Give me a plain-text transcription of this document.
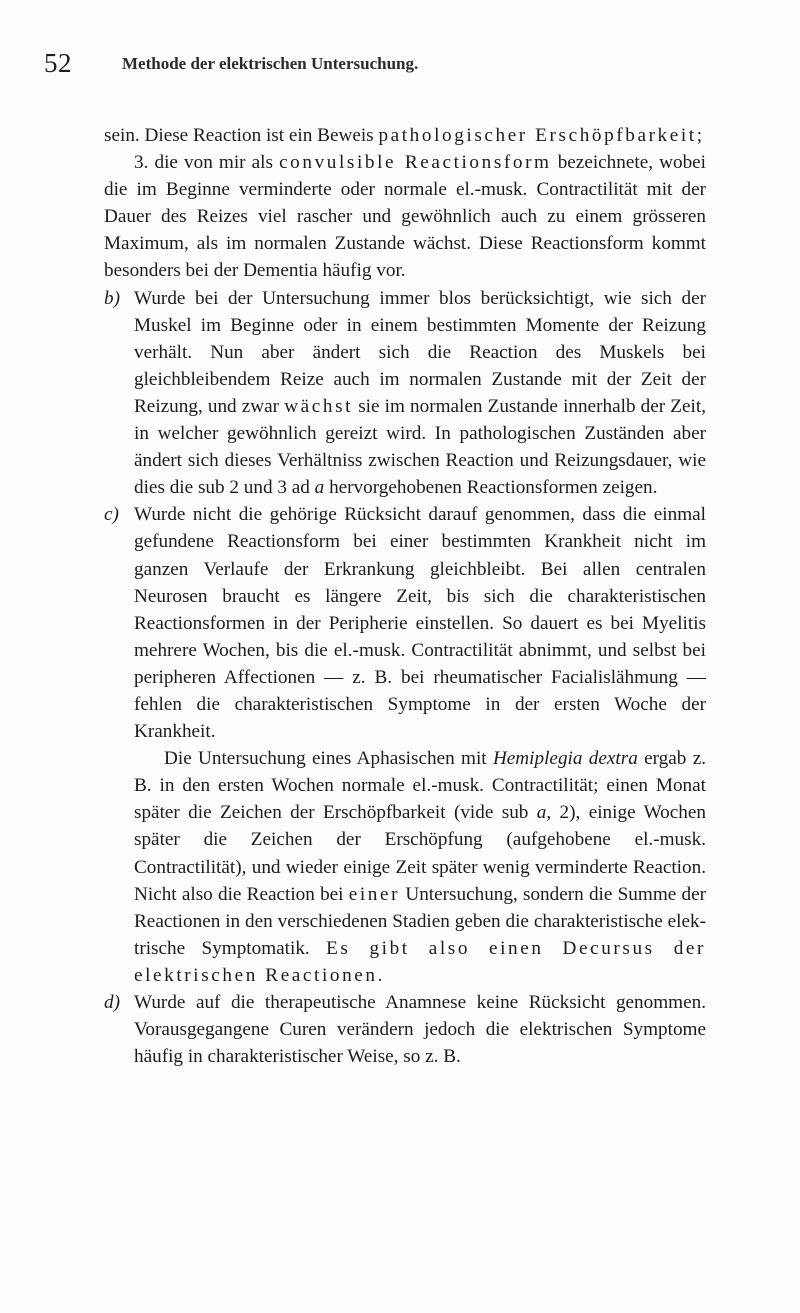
52	Methode der elektrischen Untersuchung.

sein. Diese Reaction ist ein Beweis pathologischer Erschöpfbarkeit;

3. die von mir als convulsible Reactionsform bezeichnete, wobei die im Beginne verminderte oder normale el.-musk. Contractilität mit der Dauer des Reizes viel rascher und gewöhnlich auch zu einem grösseren Maximum, als im normalen Zustande wächst. Diese Reactionsform kommt besonders bei der Dementia häufig vor.

b) Wurde bei der Untersuchung immer blos berücksichtigt, wie sich der Muskel im Beginne oder in einem bestimmten Momente der Reizung verhält. Nun aber ändert sich die Reaction des Muskels bei gleichbleibendem Reize auch im normalen Zustande mit der Zeit der Reizung, und zwar wächst sie im normalen Zustande innerhalb der Zeit, in welcher gewöhnlich gereizt wird. In pathologischen Zuständen aber ändert sich dieses Verhältniss zwischen Reaction und Reizungsdauer, wie dies die sub 2 und 3 ad a hervorgehobenen Reactionsformen zeigen.

c) Wurde nicht die gehörige Rücksicht darauf genommen, dass die einmal gefundene Reactionsform bei einer bestimmten Krankheit nicht im ganzen Verlaufe der Erkrankung gleichbleibt. Bei allen centralen Neurosen braucht es längere Zeit, bis sich die charakteristischen Reactionsformen in der Peripherie einstellen. So dauert es bei Myelitis mehrere Wochen, bis die el.-musk. Contractilität abnimmt, und selbst bei peripheren Affectionen — z. B. bei rheumatischer Facialislähmung — fehlen die charakteristischen Symptome in der ersten Woche der Krankheit.

Die Untersuchung eines Aphasischen mit Hemiplegia dextra ergab z. B. in den ersten Wochen normale el.-musk. Contractilität; einen Monat später die Zeichen der Erschöpfbarkeit (vide sub a, 2), einige Wochen später die Zeichen der Erschöpfung (aufgehobene el.-musk. Contractilität), und wieder einige Zeit später wenig verminderte Reaction. Nicht also die Reaction bei einer Untersuchung, sondern die Summe der Reactionen in den verschiedenen Stadien geben die charakteristische elektrische Symptomatik. Es gibt also einen Decursus der elektrischen Reactionen.

d) Wurde auf die therapeutische Anamnese keine Rücksicht genommen. Vorausgegangene Curen verändern jedoch die elektrischen Symptome häufig in charakteristischer Weise, so z. B.
